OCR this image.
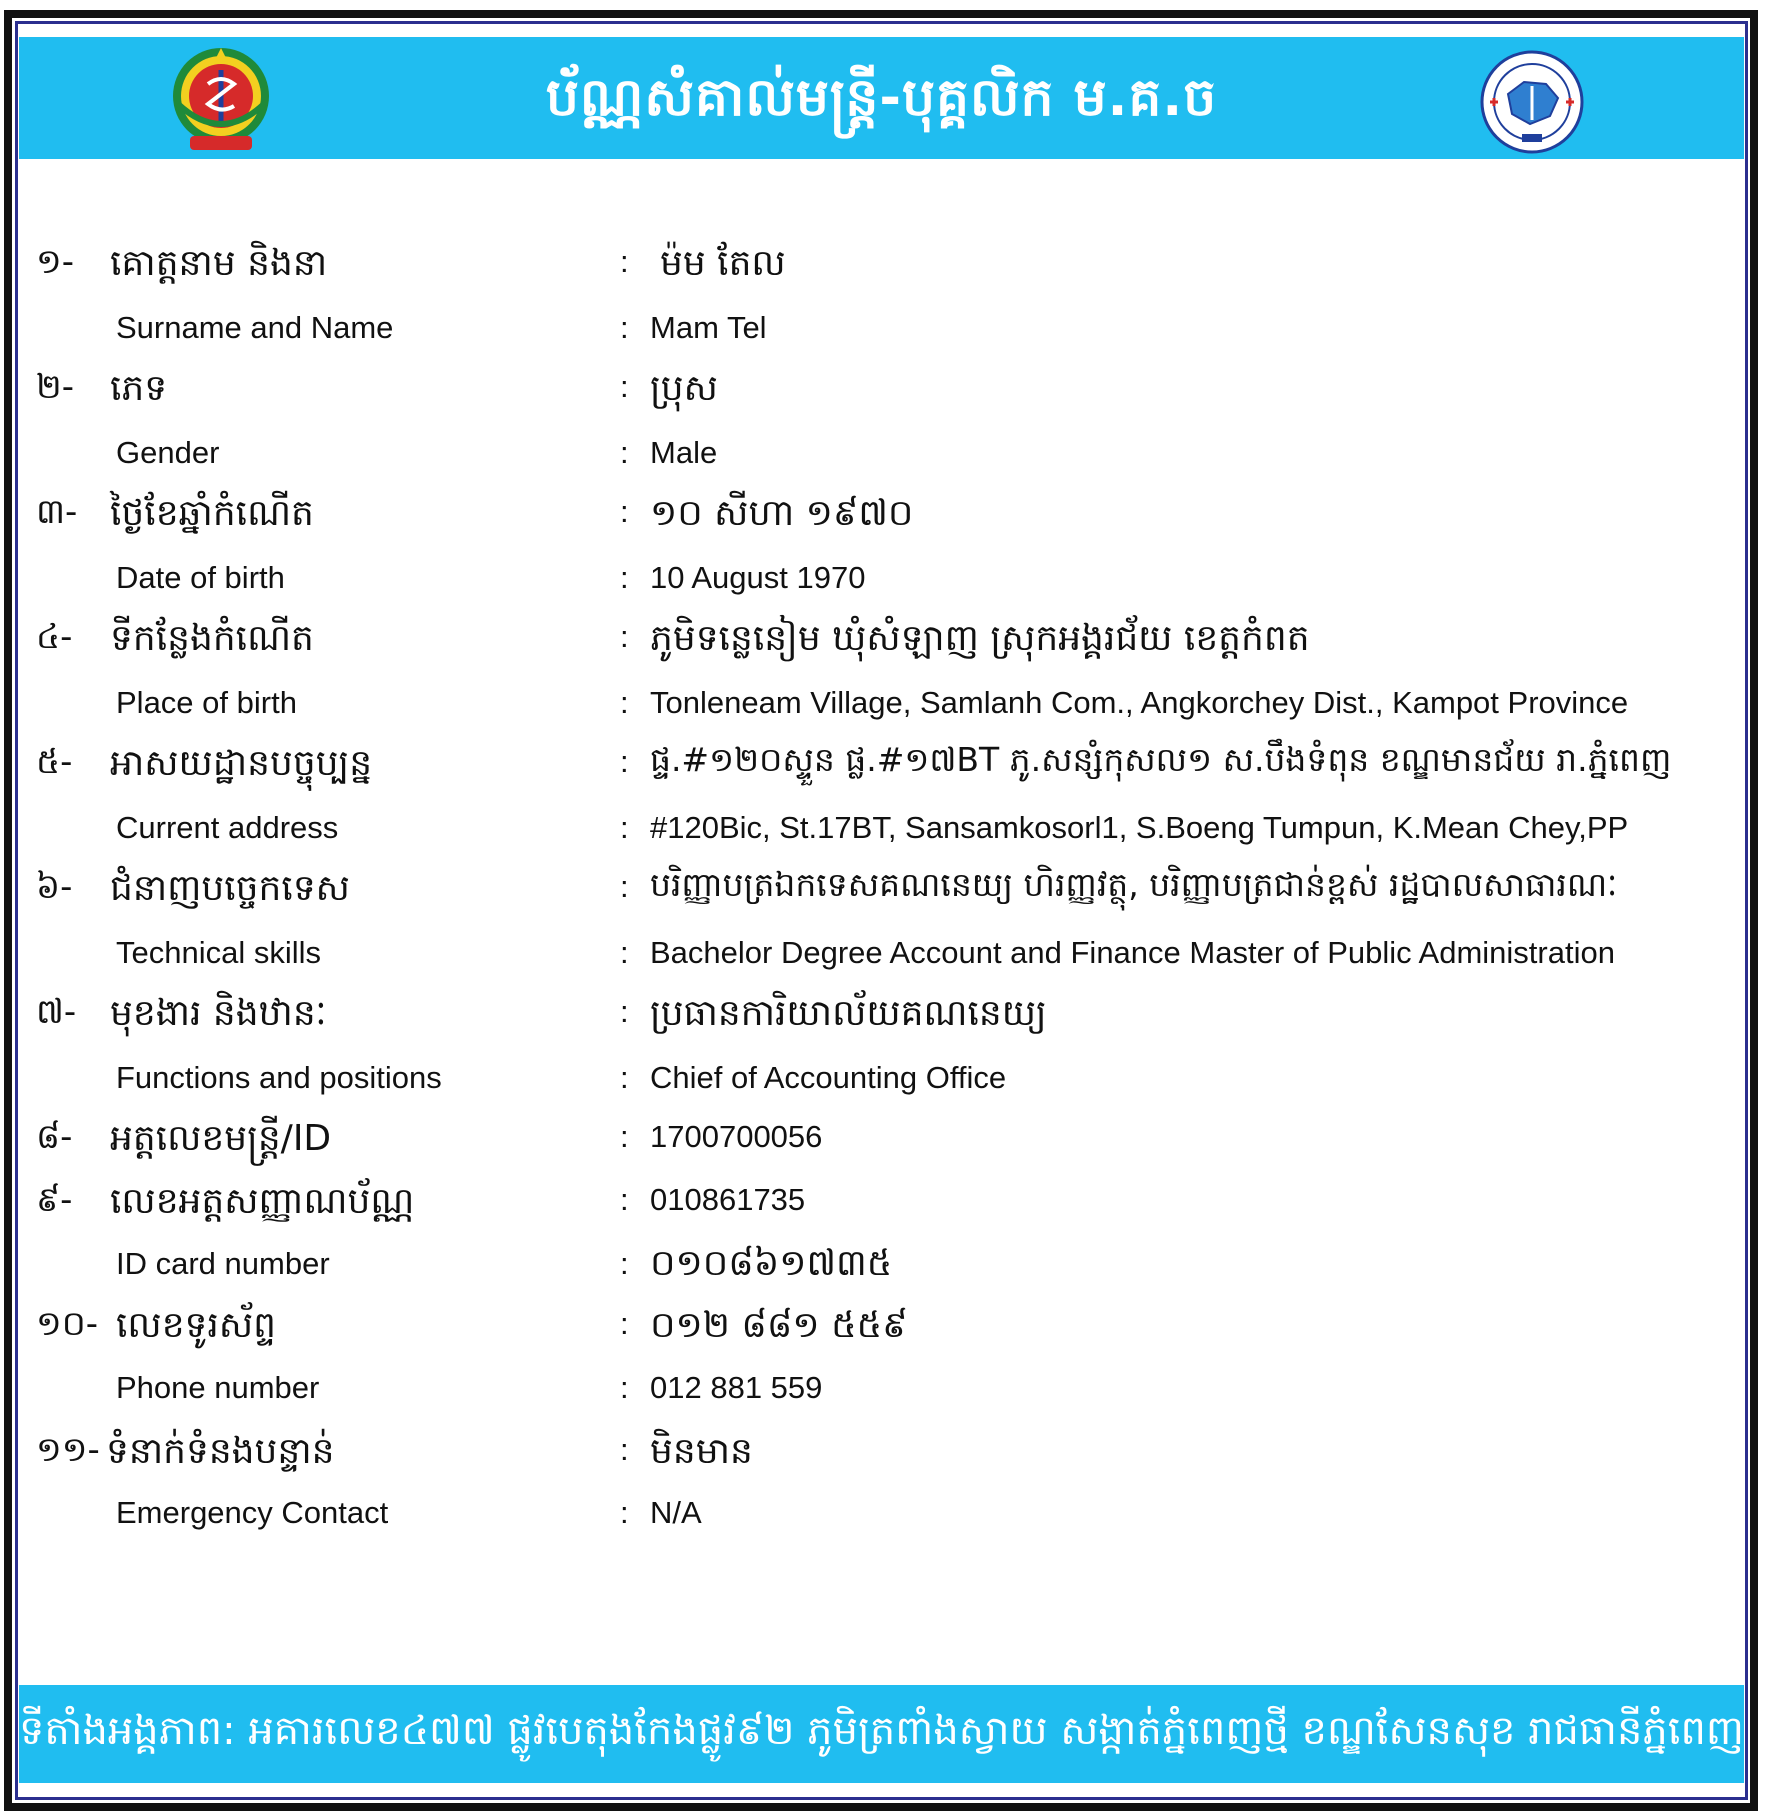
ប័ណ្ណសំគាល់មន្ត្រី-បុគ្គលិក ម.គ.ច
១- គោត្តនាម និងនា	: ម៉ម តែល
Surname and Name	: Mam Tel
២- ភេទ	: ប្រុស
Gender	: Male
៣- ថ្ងៃខែឆ្នាំកំណើត	: ១០ សីហា ១៩៧០
Date of birth	: 10 August 1970
៤- ទីកន្លែងកំណើត	: ភូមិទន្លេនៀម ឃុំសំឡាញ ស្រុកអង្គរជ័យ ខេត្តកំពត
Place of birth	: Tonleneam Village, Samlanh Com., Angkorchey Dist., Kampot Province
៥- អាសយដ្ឋានបច្ចុប្បន្ន	: ផ្ទ.#១២០ស្ទួន ផ្ល.#១៧BT ភូ.សន្សំកុសល១ ស.បឹងទំពុន ខណ្ឌមានជ័យ រា.ភ្នំពេញ
Current address	: #120Bic, St.17BT, Sansamkosorl1, S.Boeng Tumpun, K.Mean Chey,PP
៦- ជំនាញបច្ចេកទេស	: បរិញ្ញាបត្រឯកទេសគណនេយ្យ ហិរញ្ញវត្ថុ, បរិញ្ញាបត្រជាន់ខ្ពស់ រដ្ឋបាលសាធារណៈ
Technical skills	: Bachelor Degree Account and Finance Master of Public Administration
៧- មុខងារ និងឋានៈ	: ប្រធានការិយាល័យគណនេយ្យ
Functions and positions	: Chief of Accounting Office
៨- អត្តលេខមន្ត្រី/ID	: 1700700056
៩- លេខអត្តសញ្ញាណប័ណ្ណ	: 010861735
ID card number	: ០១០៨៦១៧៣៥
១០- លេខទូរស័ព្ទ	: ០១២ ៨៨១ ៥៥៩
Phone number	: 012 881 559
១១- ទំនាក់ទំនងបន្ទាន់	: មិនមាន
Emergency Contact	: N/A
ទីតាំងអង្គភាព: អគារលេខ៤៧៧ ផ្លូវបេតុងកែងផ្លូវ៩២ ភូមិត្រពាំងស្វាយ សង្កាត់ភ្នំពេញថ្មី ខណ្ឌសែនសុខ រាជធានីភ្នំពេញ
